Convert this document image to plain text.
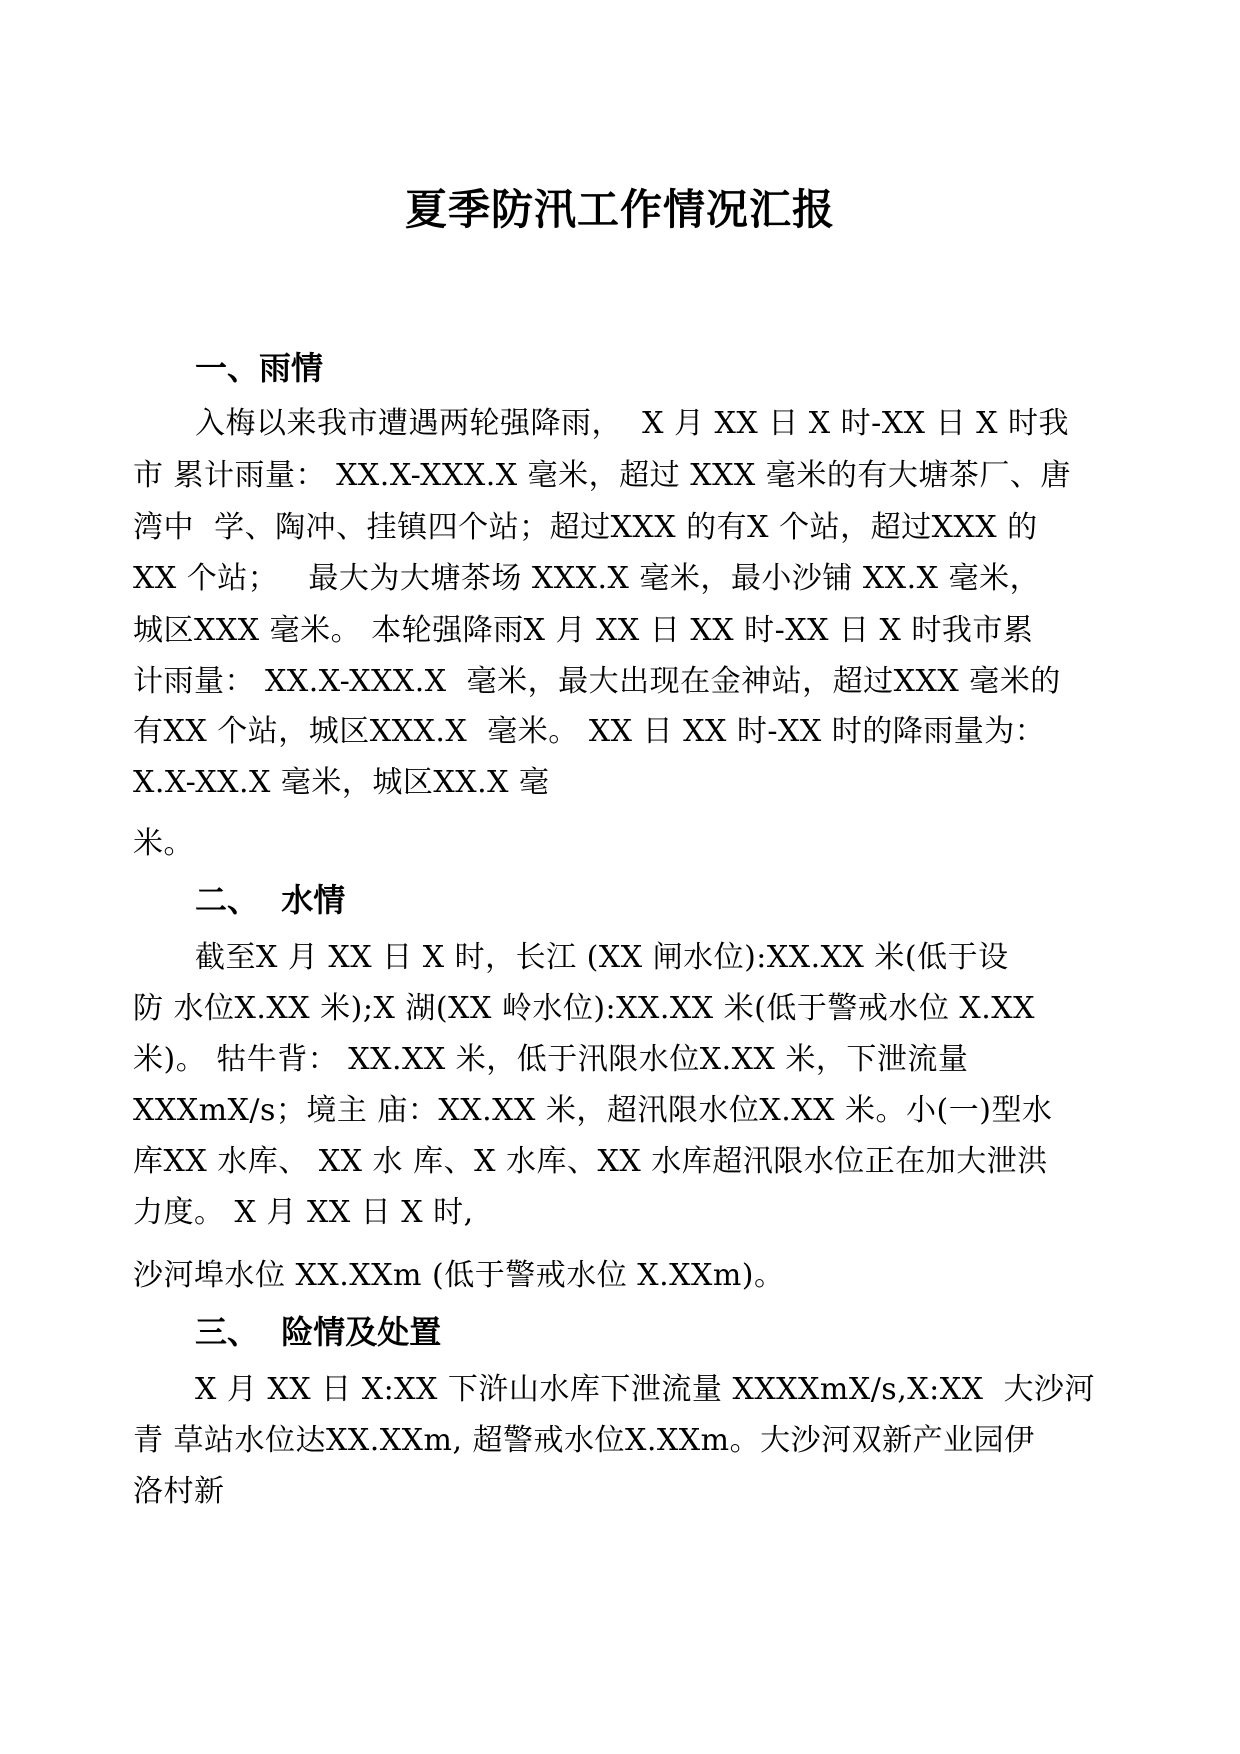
夏季防汛工作情况汇报
一、雨情
入梅以来我市遭遇两轮强降雨，  X 月 XX 日 X 时-XX 日 X 时我
市 累计雨量： XX.X-XXX.X 毫米，超过 XXX 毫米的有大塘茶厂、唐
湾中  学、陶冲、挂镇四个站；超过XXX 的有X 个站，超过XXX 的
XX 个站；   最大为大塘茶场 XXX.X 毫米，最小沙铺 XX.X 毫米，
城区XXX 毫米。 本轮强降雨X 月 XX 日 XX 时-XX 日 X 时我市累
计雨量： XX.X-XXX.X  毫米，最大出现在金神站，超过XXX 毫米的
有XX 个站，城区XXX.X  毫米。 XX 日 XX 时-XX 时的降雨量为：
X.X-XX.X 毫米，城区XX.X 毫
米。
二、  水情
截至X 月 XX 日 X 时，长江 (XX 闸水位):XX.XX 米(低于设
防 水位X.XX 米);X 湖(XX 岭水位):XX.XX 米(低于警戒水位 X.XX
米)。 牯牛背： XX.XX 米，低于汛限水位X.XX 米，下泄流量
XXXmX/s；境主 庙：XX.XX 米，超汛限水位X.XX 米。小(一)型水
库XX 水库、 XX 水 库、X 水库、XX 水库超汛限水位正在加大泄洪
力度。 X 月 XX 日 X 时,
沙河埠水位 XX.XXm (低于警戒水位 X.XXm)。
三、  险情及处置
X 月 XX 日 X:XX 下浒山水库下泄流量 XXXXmX/s,X:XX  大沙河
青 草站水位达XX.XXm, 超警戒水位X.XXm。大沙河双新产业园伊
洛村新
